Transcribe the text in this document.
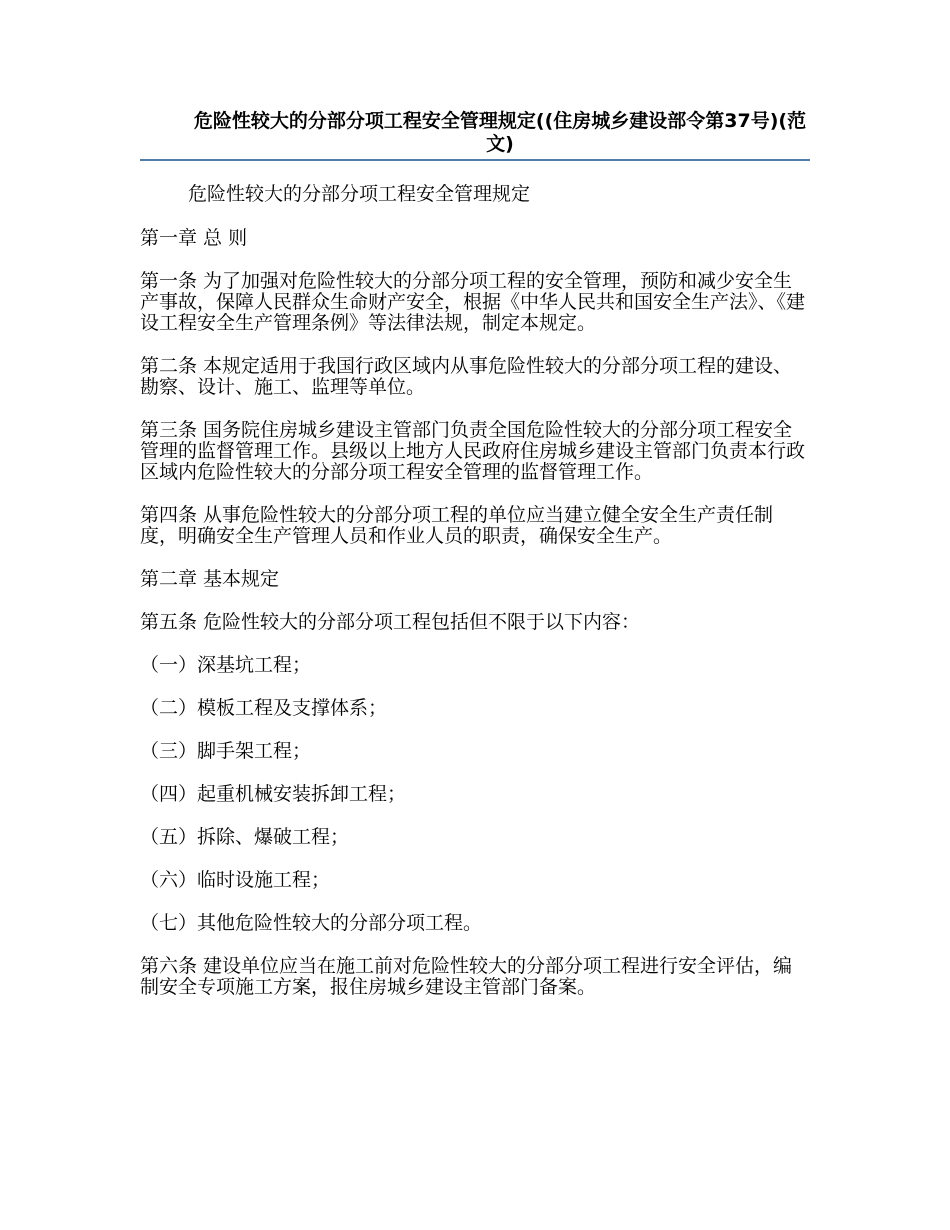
危险性较大的分部分项工程安全管理规定((住房城乡建设部令第37号)(范文)
危险性较大的分部分项工程安全管理规定
第一章 总 则
第一条 为了加强对危险性较大的分部分项工程的安全管理，预防和减少安全生产事故，保障人民群众生命财产安全，根据《中华人民共和国安全生产法》、《建设工程安全生产管理条例》等法律法规，制定本规定。
第二条 本规定适用于我国行政区域内从事危险性较大的分部分项工程的建设、勘察、设计、施工、监理等单位。
第三条 国务院住房城乡建设主管部门负责全国危险性较大的分部分项工程安全管理的监督管理工作。县级以上地方人民政府住房城乡建设主管部门负责本行政区域内危险性较大的分部分项工程安全管理的监督管理工作。
第四条 从事危险性较大的分部分项工程的单位应当建立健全安全生产责任制度，明确安全生产管理人员和作业人员的职责，确保安全生产。
第二章 基本规定
第五条 危险性较大的分部分项工程包括但不限于以下内容：
（一）深基坑工程；
（二）模板工程及支撑体系；
（三）脚手架工程；
（四）起重机械安装拆卸工程；
（五）拆除、爆破工程；
（六）临时设施工程；
（七）其他危险性较大的分部分项工程。
第六条 建设单位应当在施工前对危险性较大的分部分项工程进行安全评估，编制安全专项施工方案，报住房城乡建设主管部门备案。
